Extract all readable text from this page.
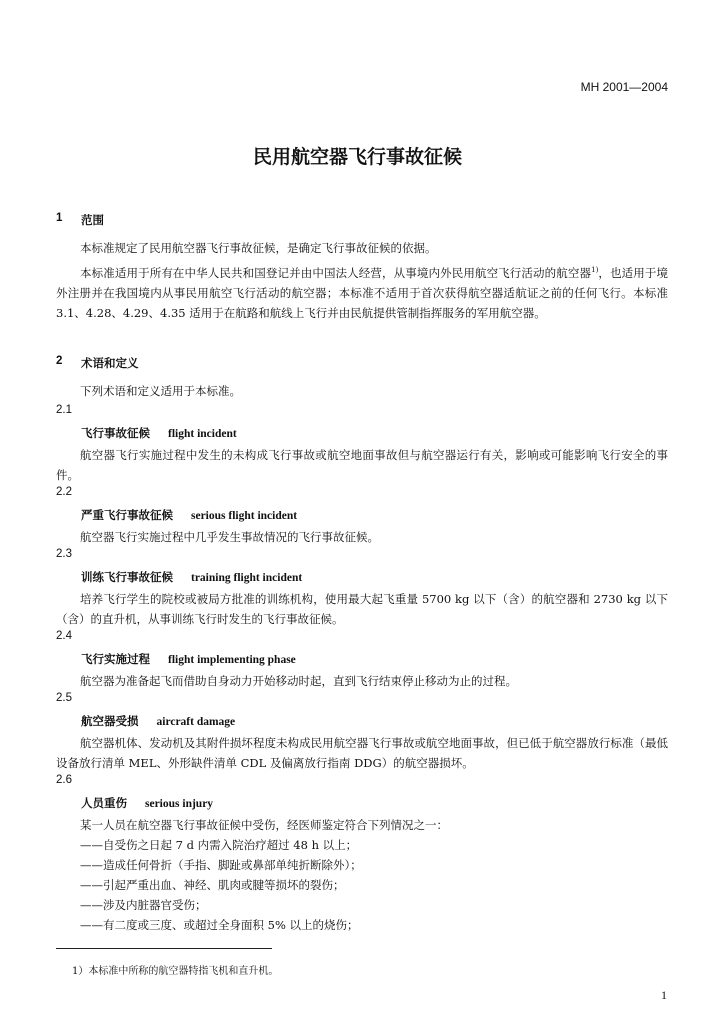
MH 2001—2004
民用航空器飞行事故征候
1 范围
本标准规定了民用航空器飞行事故征候，是确定飞行事故征候的依据。
本标准适用于所有在中华人民共和国登记并由中国法人经营，从事境内外民用航空飞行活动的航空器$^{1)}$，也适用于境外注册并在我国境内从事民用航空飞行活动的航空器；本标准不适用于首次获得航空器适航证之前的任何飞行。本标准 3.1、4.28、4.29、4.35 适用于在航路和航线上飞行并由民航提供管制指挥服务的军用航空器。
2 术语和定义
下列术语和定义适用于本标准。
2.1
飞行事故征候 flight incident
航空器飞行实施过程中发生的未构成飞行事故或航空地面事故但与航空器运行有关，影响或可能影响飞行安全的事件。
2.2
严重飞行事故征候 serious flight incident
航空器飞行实施过程中几乎发生事故情况的飞行事故征候。
2.3
训练飞行事故征候 training flight incident
培养飞行学生的院校或被局方批准的训练机构，使用最大起飞重量 5700 kg 以下（含）的航空器和 2730 kg 以下（含）的直升机，从事训练飞行时发生的飞行事故征候。
2.4
飞行实施过程 flight implementing phase
航空器为准备起飞而借助自身动力开始移动时起，直到飞行结束停止移动为止的过程。
2.5
航空器受损 aircraft damage
航空器机体、发动机及其附件损坏程度未构成民用航空器飞行事故或航空地面事故，但已低于航空器放行标准（最低设备放行清单 MEL、外形缺件清单 CDL 及偏离放行指南 DDG）的航空器损坏。
2.6
人员重伤 serious injury
某一人员在航空器飞行事故征候中受伤，经医师鉴定符合下列情况之一：
——自受伤之日起 7 d 内需入院治疗超过 48 h 以上；
——造成任何骨折（手指、脚趾或鼻部单纯折断除外）；
——引起严重出血、神经、肌肉或腱等损坏的裂伤；
——涉及内脏器官受伤；
——有二度或三度、或超过全身面积 5% 以上的烧伤；
1）本标准中所称的航空器特指飞机和直升机。
1
